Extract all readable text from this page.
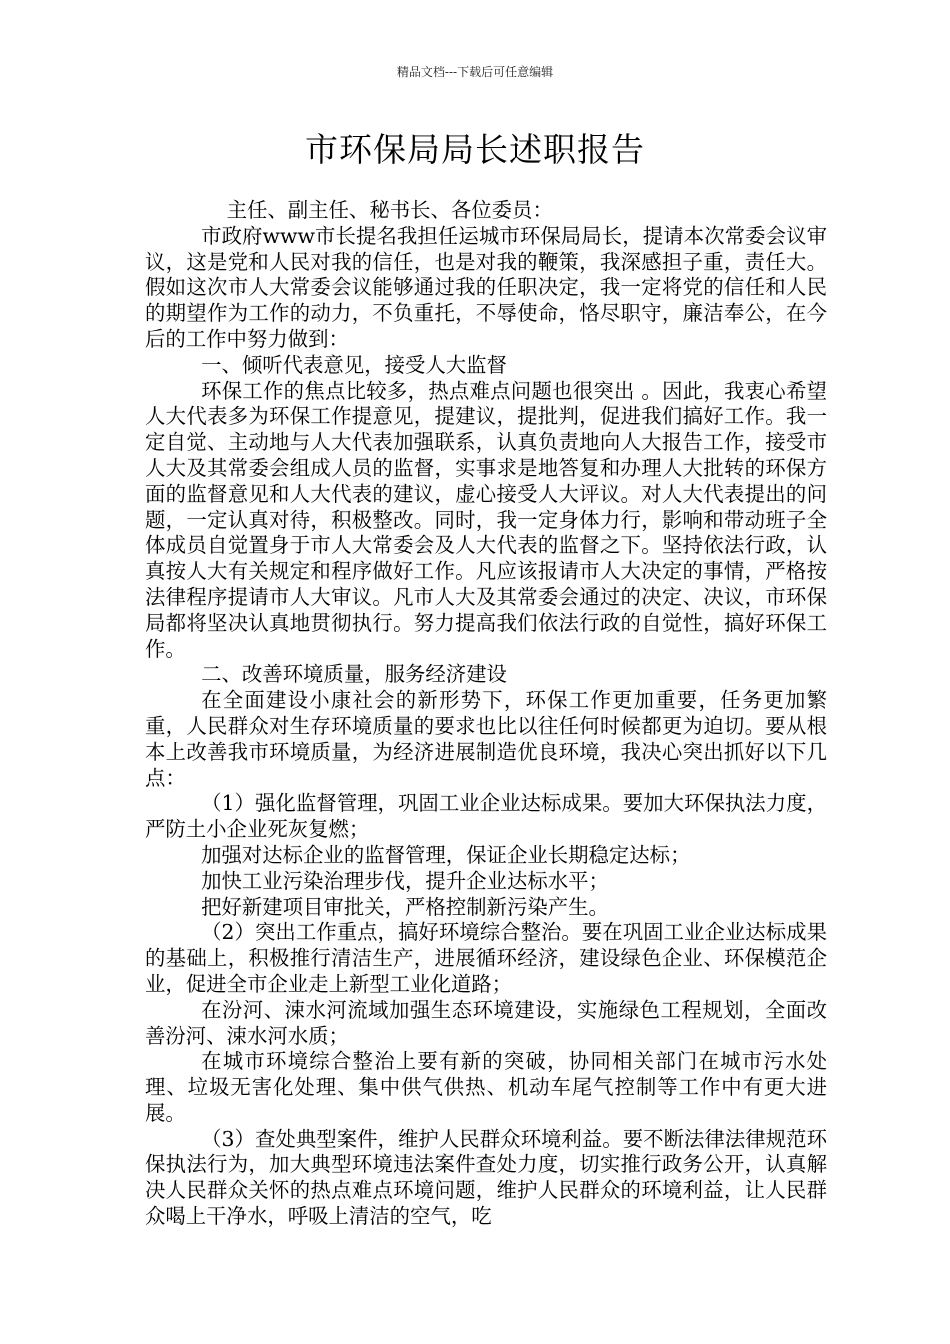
精品文档---下载后可任意编辑
市环保局局长述职报告

主任、副主任、秘书长、各位委员：

市政府www市长提名我担任运城市环保局局长，提请本次常委会议审议，这是党和人民对我的信任，也是对我的鞭策，我深感担子重，责任大。假如这次市人大常委会议能够通过我的任职决定，我一定将党的信任和人民的期望作为工作的动力，不负重托，不辱使命，恪尽职守，廉洁奉公，在今后的工作中努力做到：

一、倾听代表意见，接受人大监督

环保工作的焦点比较多，热点难点问题也很突出 。因此，我衷心希望人大代表多为环保工作提意见，提建议，提批判，促进我们搞好工作。我一定自觉、主动地与人大代表加强联系，认真负责地向人大报告工作，接受市人大及其常委会组成人员的监督，实事求是地答复和办理人大批转的环保方面的监督意见和人大代表的建议，虚心接受人大评议。对人大代表提出的问题，一定认真对待，积极整改。同时，我一定身体力行，影响和带动班子全体成员自觉置身于市人大常委会及人大代表的监督之下。坚持依法行政，认真按人大有关规定和程序做好工作。凡应该报请市人大决定的事情，严格按法律程序提请市人大审议。凡市人大及其常委会通过的决定、决议，市环保局都将坚决认真地贯彻执行。努力提高我们依法行政的自觉性，搞好环保工作。

二、改善环境质量，服务经济建设

在全面建设小康社会的新形势下，环保工作更加重要，任务更加繁重，人民群众对生存环境质量的要求也比以往任何时候都更为迫切。要从根本上改善我市环境质量，为经济进展制造优良环境，我决心突出抓好以下几点：

（1）强化监督管理，巩固工业企业达标成果。要加大环保执法力度，严防土小企业死灰复燃；

加强对达标企业的监督管理，保证企业长期稳定达标；

加快工业污染治理步伐，提升企业达标水平；

把好新建项目审批关，严格控制新污染产生。

（2）突出工作重点，搞好环境综合整治。要在巩固工业企业达标成果的基础上，积极推行清洁生产，进展循环经济，建设绿色企业、环保模范企业，促进全市企业走上新型工业化道路；

在汾河、涑水河流域加强生态环境建设，实施绿色工程规划，全面改善汾河、涑水河水质；

在城市环境综合整治上要有新的突破，协同相关部门在城市污水处理、垃圾无害化处理、集中供气供热、机动车尾气控制等工作中有更大进展。

（3）查处典型案件，维护人民群众环境利益。要不断法律法律规范环保执法行为，加大典型环境违法案件查处力度，切实推行政务公开，认真解决人民群众关怀的热点难点环境问题，维护人民群众的环境利益，让人民群众喝上干净水，呼吸上清洁的空气，吃
